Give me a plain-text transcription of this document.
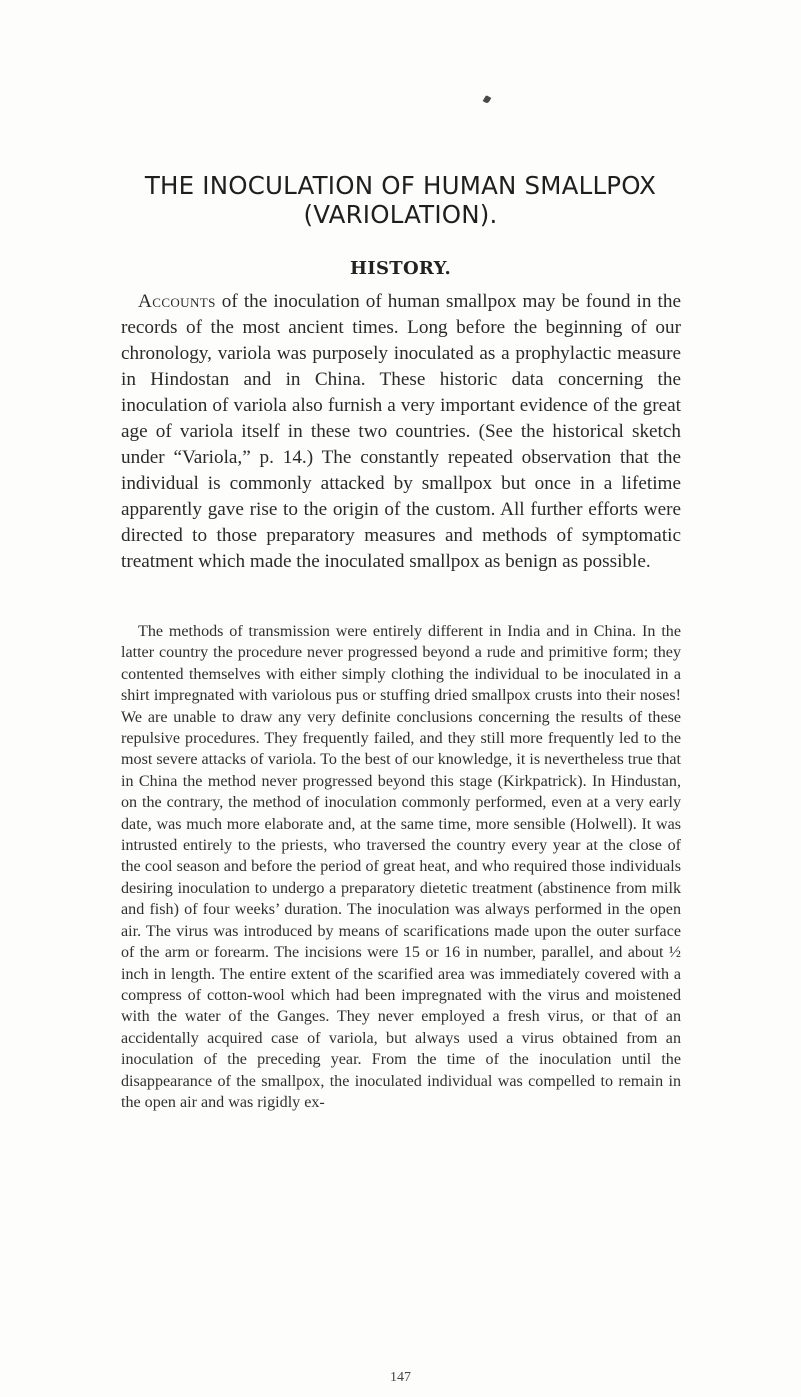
THE INOCULATION OF HUMAN SMALLPOX
(VARIOLATION).
HISTORY.

Accounts of the inoculation of human smallpox may be found in the records of the most ancient times. Long before the beginning of our chronology, variola was purposely inoculated as a prophylactic measure in Hindostan and in China. These historic data concerning the inoculation of variola also furnish a very important evidence of the great age of variola itself in these two countries. (See the historical sketch under “Variola,” p. 14.) The constantly repeated observation that the individual is commonly attacked by smallpox but once in a lifetime apparently gave rise to the origin of the custom. All further efforts were directed to those preparatory measures and methods of symptomatic treatment which made the inoculated smallpox as benign as possible.

The methods of transmission were entirely different in India and in China. In the latter country the procedure never progressed beyond a rude and primitive form; they contented themselves with either simply clothing the individual to be inoculated in a shirt impregnated with variolous pus or stuffing dried smallpox crusts into their noses! We are unable to draw any very definite conclusions concerning the results of these repulsive procedures. They frequently failed, and they still more frequently led to the most severe attacks of variola. To the best of our knowledge, it is nevertheless true that in China the method never progressed beyond this stage (Kirkpatrick). In Hindustan, on the contrary, the method of inoculation commonly performed, even at a very early date, was much more elaborate and, at the same time, more sensible (Holwell). It was intrusted entirely to the priests, who traversed the country every year at the close of the cool season and before the period of great heat, and who required those individuals desiring inoculation to undergo a preparatory dietetic treatment (abstinence from milk and fish) of four weeks’ duration. The inoculation was always performed in the open air. The virus was introduced by means of scarifications made upon the outer surface of the arm or forearm. The incisions were 15 or 16 in number, parallel, and about ½ inch in length. The entire extent of the scarified area was immediately covered with a compress of cotton-wool which had been impregnated with the virus and moistened with the water of the Ganges. They never employed a fresh virus, or that of an accidentally acquired case of variola, but always used a virus obtained from an inoculation of the preceding year. From the time of the inoculation until the disappearance of the smallpox, the inoculated individual was compelled to remain in the open air and was rigidly ex-

147
